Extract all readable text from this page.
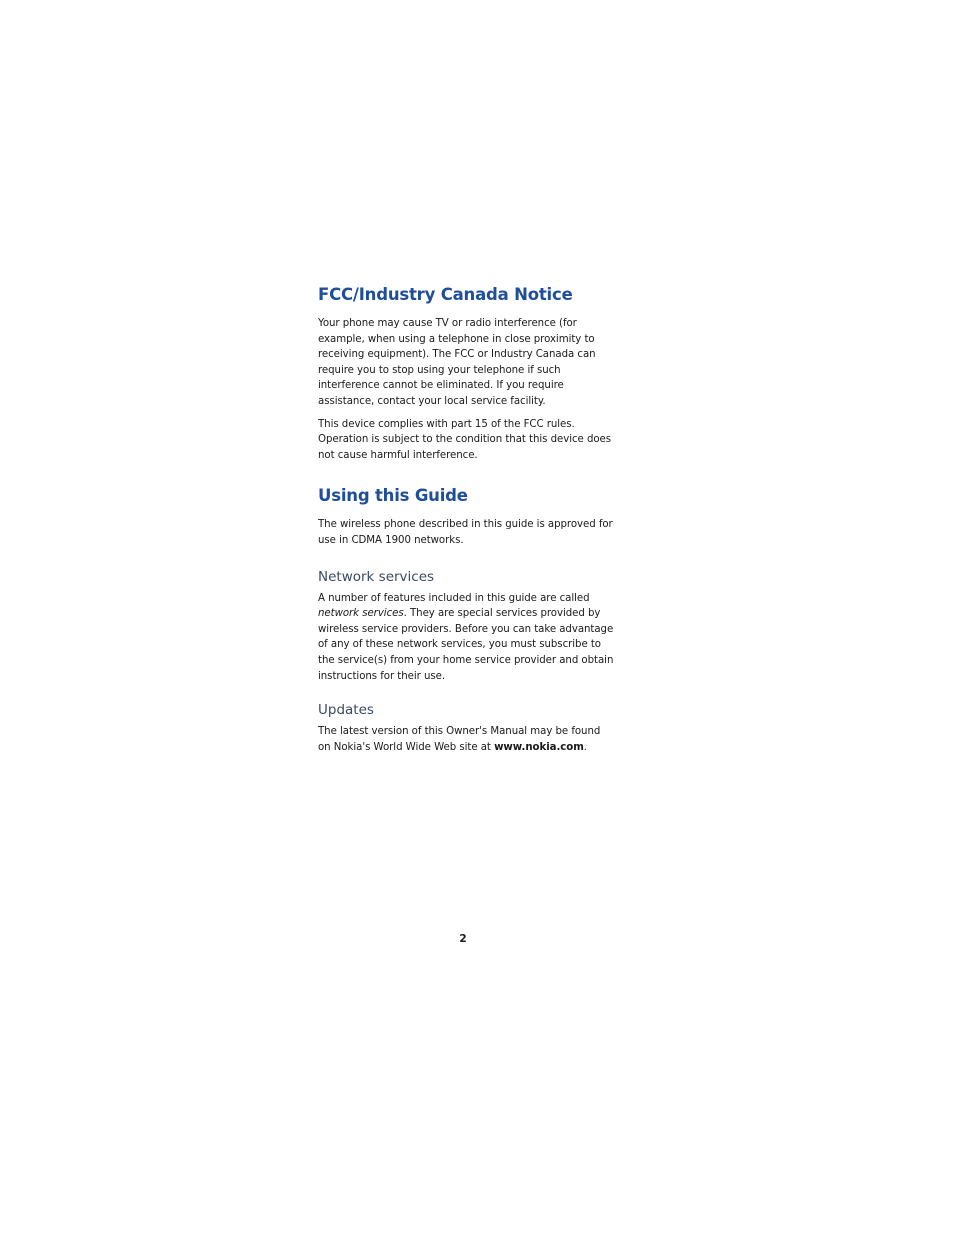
FCC/Industry Canada Notice

Your phone may cause TV or radio interference (for example, when using a telephone in close proximity to receiving equipment). The FCC or Industry Canada can require you to stop using your telephone if such interference cannot be eliminated. If you require assistance, contact your local service facility.

This device complies with part 15 of the FCC rules. Operation is subject to the condition that this device does not cause harmful interference.

Using this Guide

The wireless phone described in this guide is approved for use in CDMA 1900 networks.

Network services

A number of features included in this guide are called network services. They are special services provided by wireless service providers. Before you can take advantage of any of these network services, you must subscribe to the service(s) from your home service provider and obtain instructions for their use.

Updates

The latest version of this Owner's Manual may be found on Nokia's World Wide Web site at www.nokia.com.

2
